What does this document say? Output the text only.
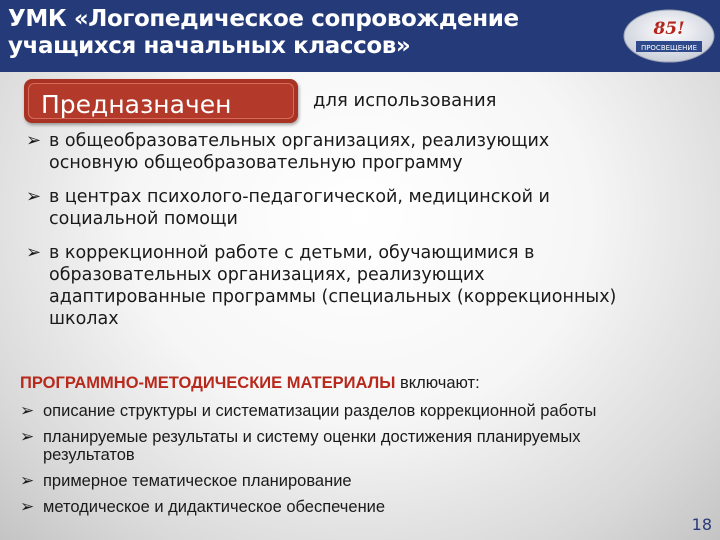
УМК «Логопедическое сопровождение
учащихся начальных классов»
85!
ПРОСВЕЩЕНИЕ
Предназначен	для использования
➢ в общеобразовательных организациях, реализующих
основную общеобразовательную программу
➢ в центрах психолого-педагогической, медицинской и
социальной помощи
➢ в коррекционной работе с детьми, обучающимися в
образовательных организациях, реализующих
адаптированные программы (специальных (коррекционных)
школах
ПРОГРАММНО-МЕТОДИЧЕСКИЕ МАТЕРИАЛЫ включают:
➢ описание структуры и систематизации разделов коррекционной работы
➢ планируемые результаты и систему оценки достижения планируемых
результатов
➢ примерное тематическое планирование
➢ методическое и дидактическое обеспечение
18
